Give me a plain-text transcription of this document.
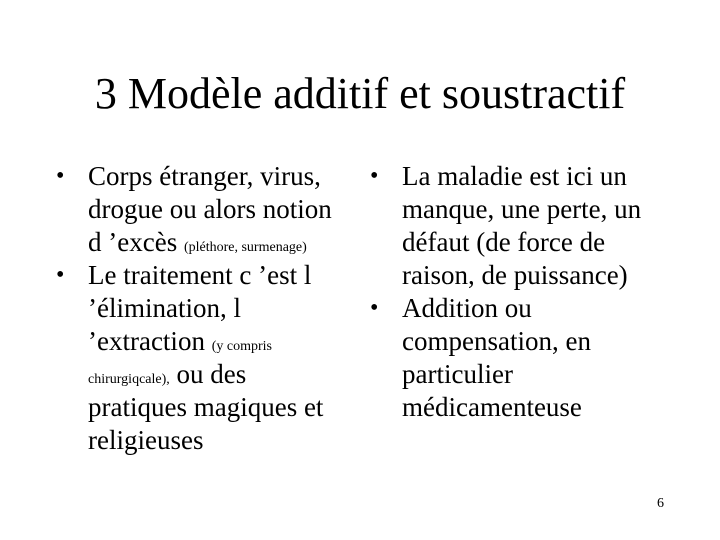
3 Modèle additif et soustractif
• Corps étranger, virus, drogue ou alors notion d ’excès (pléthore, surmenage)
• Le traitement c ’est l ’élimination, l ’extraction (y compris chirurgiqcale), ou des pratiques magiques et religieuses
• La maladie est ici un manque, une perte, un défaut (de force de raison, de puissance)
• Addition ou compensation, en particulier médicamenteuse
6
